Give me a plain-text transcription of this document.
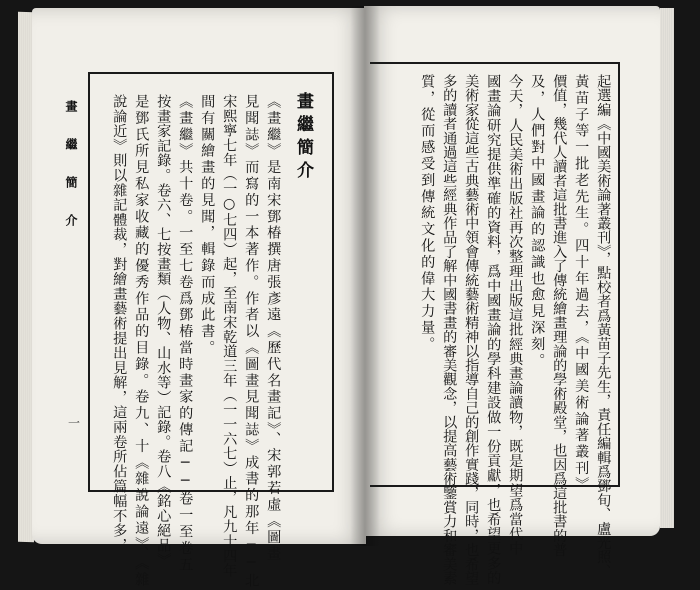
畫 繼 簡 介
一
畫繼簡介
《畫繼》是南宋鄧椿撰唐張彥遠《歷代名畫記》、宋郭若虛《圖畫
見聞誌》而寫的一本著作。作者以《圖畫見聞誌》成書的那年──北
宋熙寧七年（一○七四）起，至南宋乾道三年（一一六七）止，凡九十四年
間有關繪畫的見聞，輯錄而成此書。
《畫繼》共十卷。一至七卷爲鄧椿當時畫家的傳記──卷一至卷五
按畫家記錄。卷六、七按畫類（人物、山水等）記錄。卷八《銘心絕品》
是鄧氏所見私家收藏的優秀作品的目錄。卷九、十《雜說論遠》、《雜
說論近》則以雜記體裁，對繪畫藝術提出見解，這兩卷所佔篇幅不多，	起選編《中國美術論著叢刊》，點校者爲黃苗子先生，責任編輯爲鄧旬、盧光照、
黃苗子等一批老先生。四十年過去，《中國美術論著叢刊》
價值，幾代人讀者這批書進入了傳統繪畫理論的學術殿堂，也因爲這批書的普
及，人們對中國畫論的認識也愈見深刻。
今天，人民美術出版社再次整理出版這批經典畫論讀物，既是期望爲當代中
國畫論研究提供準確的資料，爲中國畫論的學科建設做一份貢獻，也希望更多的
美術家從這些古典藝術中領會傳統藝術精神以指導自己的創作實踐，同時，也希望
多的讀者通過這些經典作品了解中國書畫的審美觀念，以提高藝術鑒賞力和審美素
質，從而感受到傳統文化的偉大力量。
